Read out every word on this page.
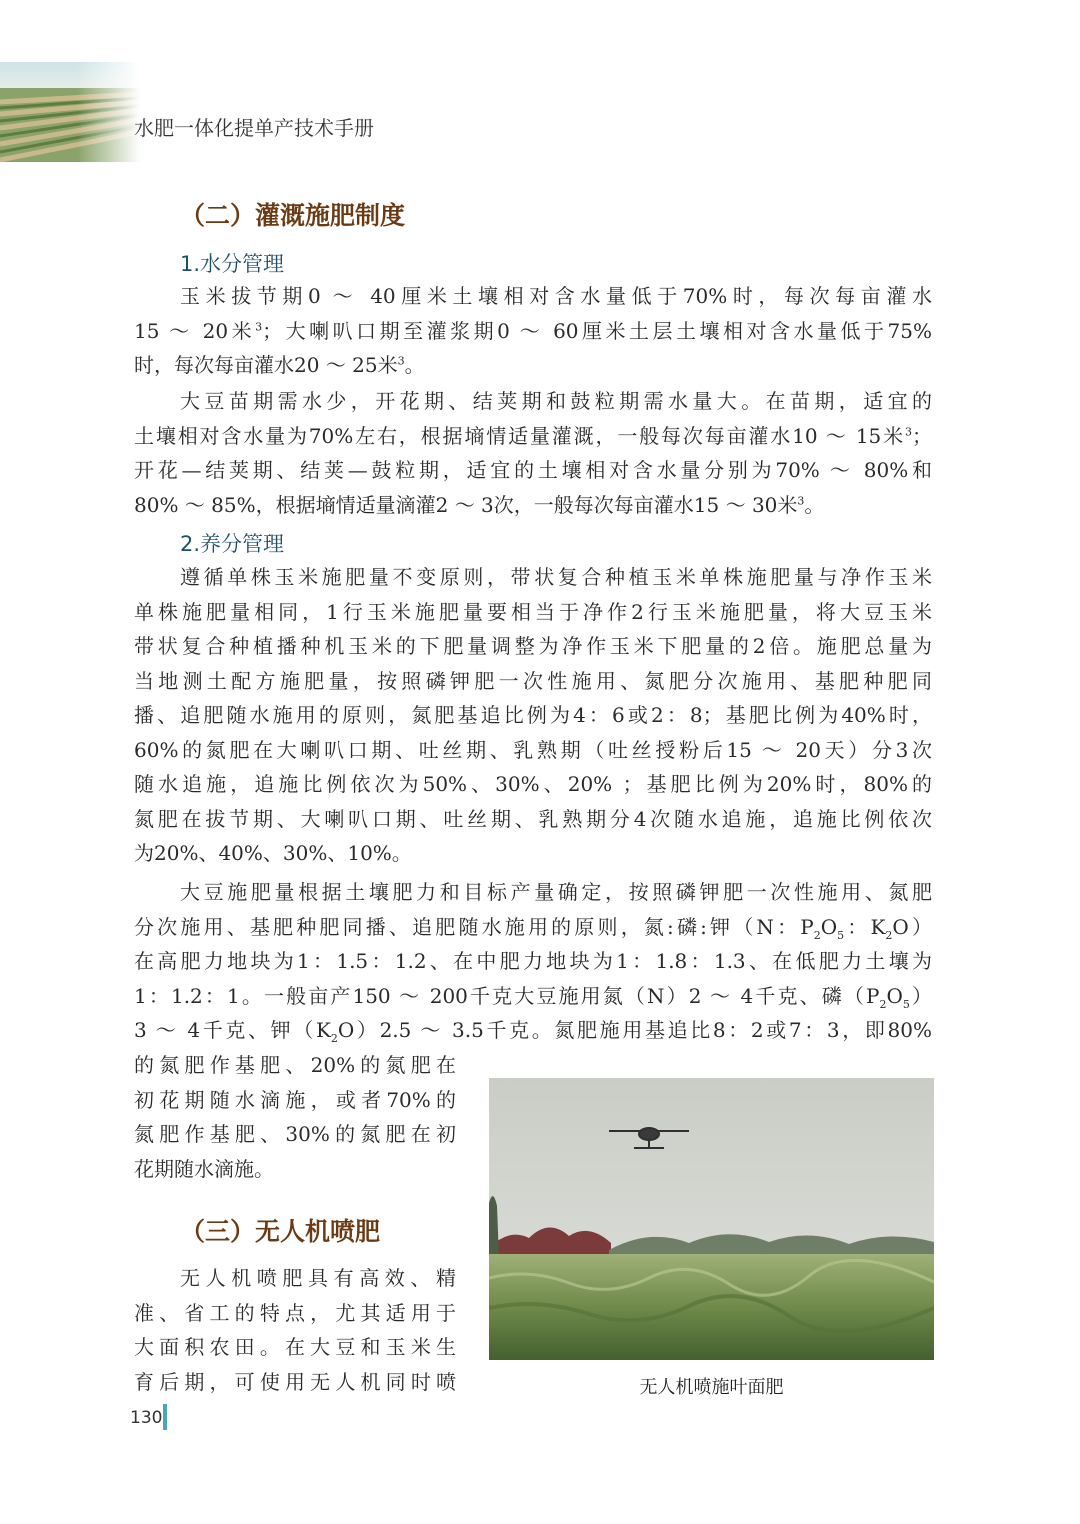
水肥一体化提单产技术手册
（二）灌溉施肥制度
1.水分管理

玉米拔节期0 ～ 40厘米土壤相对含水量低于70%时，每次每亩灌水
15 ～ 20米$^3$；大喇叭口期至灌浆期0 ～ 60厘米土层土壤相对含水量低于75%
时，每次每亩灌水20 ～ 25米$^3$。

大豆苗期需水少，开花期、结荚期和鼓粒期需水量大。在苗期，适宜的
土壤相对含水量为70%左右，根据墒情适量灌溉，一般每次每亩灌水10 ～ 15米$^3$；
开花—结荚期、结荚—鼓粒期，适宜的土壤相对含水量分别为70% ～ 80%和
80% ～ 85%，根据墒情适量滴灌2 ～ 3次，一般每次每亩灌水15 ～ 30米$^3$。

2.养分管理

遵循单株玉米施肥量不变原则，带状复合种植玉米单株施肥量与净作玉米
单株施肥量相同，1行玉米施肥量要相当于净作2行玉米施肥量，将大豆玉米
带状复合种植播种机玉米的下肥量调整为净作玉米下肥量的2倍。施肥总量为
当地测土配方施肥量，按照磷钾肥一次性施用、氮肥分次施用、基肥种肥同
播、追肥随水施用的原则，氮肥基追比例为4：6或2：8；基肥比例为40%时，
60%的氮肥在大喇叭口期、吐丝期、乳熟期（吐丝授粉后15 ～ 20天）分3次
随水追施，追施比例依次为50%、30%、20% ；基肥比例为20%时，80%的
氮肥在拔节期、大喇叭口期、吐丝期、乳熟期分4次随水追施，追施比例依次
为20%、40%、30%、10%。

大豆施肥量根据土壤肥力和目标产量确定，按照磷钾肥一次性施用、氮肥
分次施用、基肥种肥同播、追肥随水施用的原则，氮:磷:钾（N：$P_2O_5$：$K_2O$）
在高肥力地块为1：1.5：1.2、在中肥力地块为1：1.8：1.3、在低肥力土壤为
1：1.2：1。一般亩产150 ～ 200千克大豆施用氮（N）2 ～ 4千克、磷$(P_2O_5)$
3 ～ 4千克、钾$(K_2O)2.5$ ～ 3.5千克。氮肥施用基追比8：2或7：3，即80%

的氮肥作基肥、20%的氮肥在
初花期随水滴施，或者70%的
氮肥作基肥、30%的氮肥在初
花期随水滴施。

（三）无人机喷肥

无人机喷肥具有高效、精
准、省工的特点，尤其适用于
大面积农田。在大豆和玉米生
育后期，可使用无人机同时喷	无人机喷施叶面肥
130
